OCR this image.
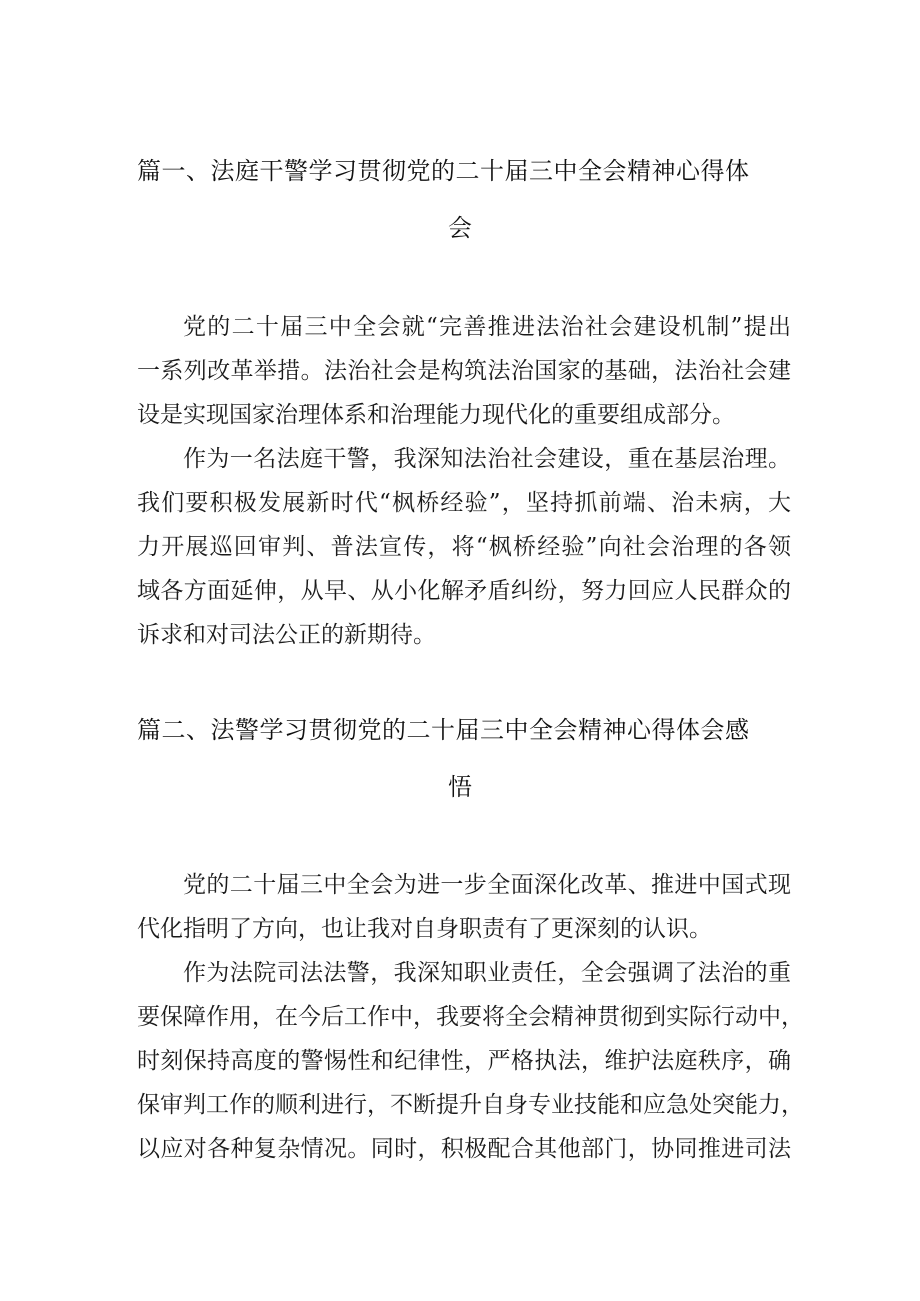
篇一、法庭干警学习贯彻党的二十届三中全会精神心得体
会
党的二十届三中全会就“完善推进法治社会建设机制”提出
一系列改革举措。法治社会是构筑法治国家的基础，法治社会建
设是实现国家治理体系和治理能力现代化的重要组成部分。
作为一名法庭干警，我深知法治社会建设，重在基层治理。
我们要积极发展新时代“枫桥经验”，坚持抓前端、治未病，大
力开展巡回审判、普法宣传，将“枫桥经验”向社会治理的各领
域各方面延伸，从早、从小化解矛盾纠纷，努力回应人民群众的
诉求和对司法公正的新期待。
篇二、法警学习贯彻党的二十届三中全会精神心得体会感
悟
党的二十届三中全会为进一步全面深化改革、推进中国式现
代化指明了方向，也让我对自身职责有了更深刻的认识。
作为法院司法法警，我深知职业责任，全会强调了法治的重
要保障作用，在今后工作中，我要将全会精神贯彻到实际行动中，
时刻保持高度的警惕性和纪律性，严格执法，维护法庭秩序，确
保审判工作的顺利进行，不断提升自身专业技能和应急处突能力，
以应对各种复杂情况。同时，积极配合其他部门，协同推进司法
